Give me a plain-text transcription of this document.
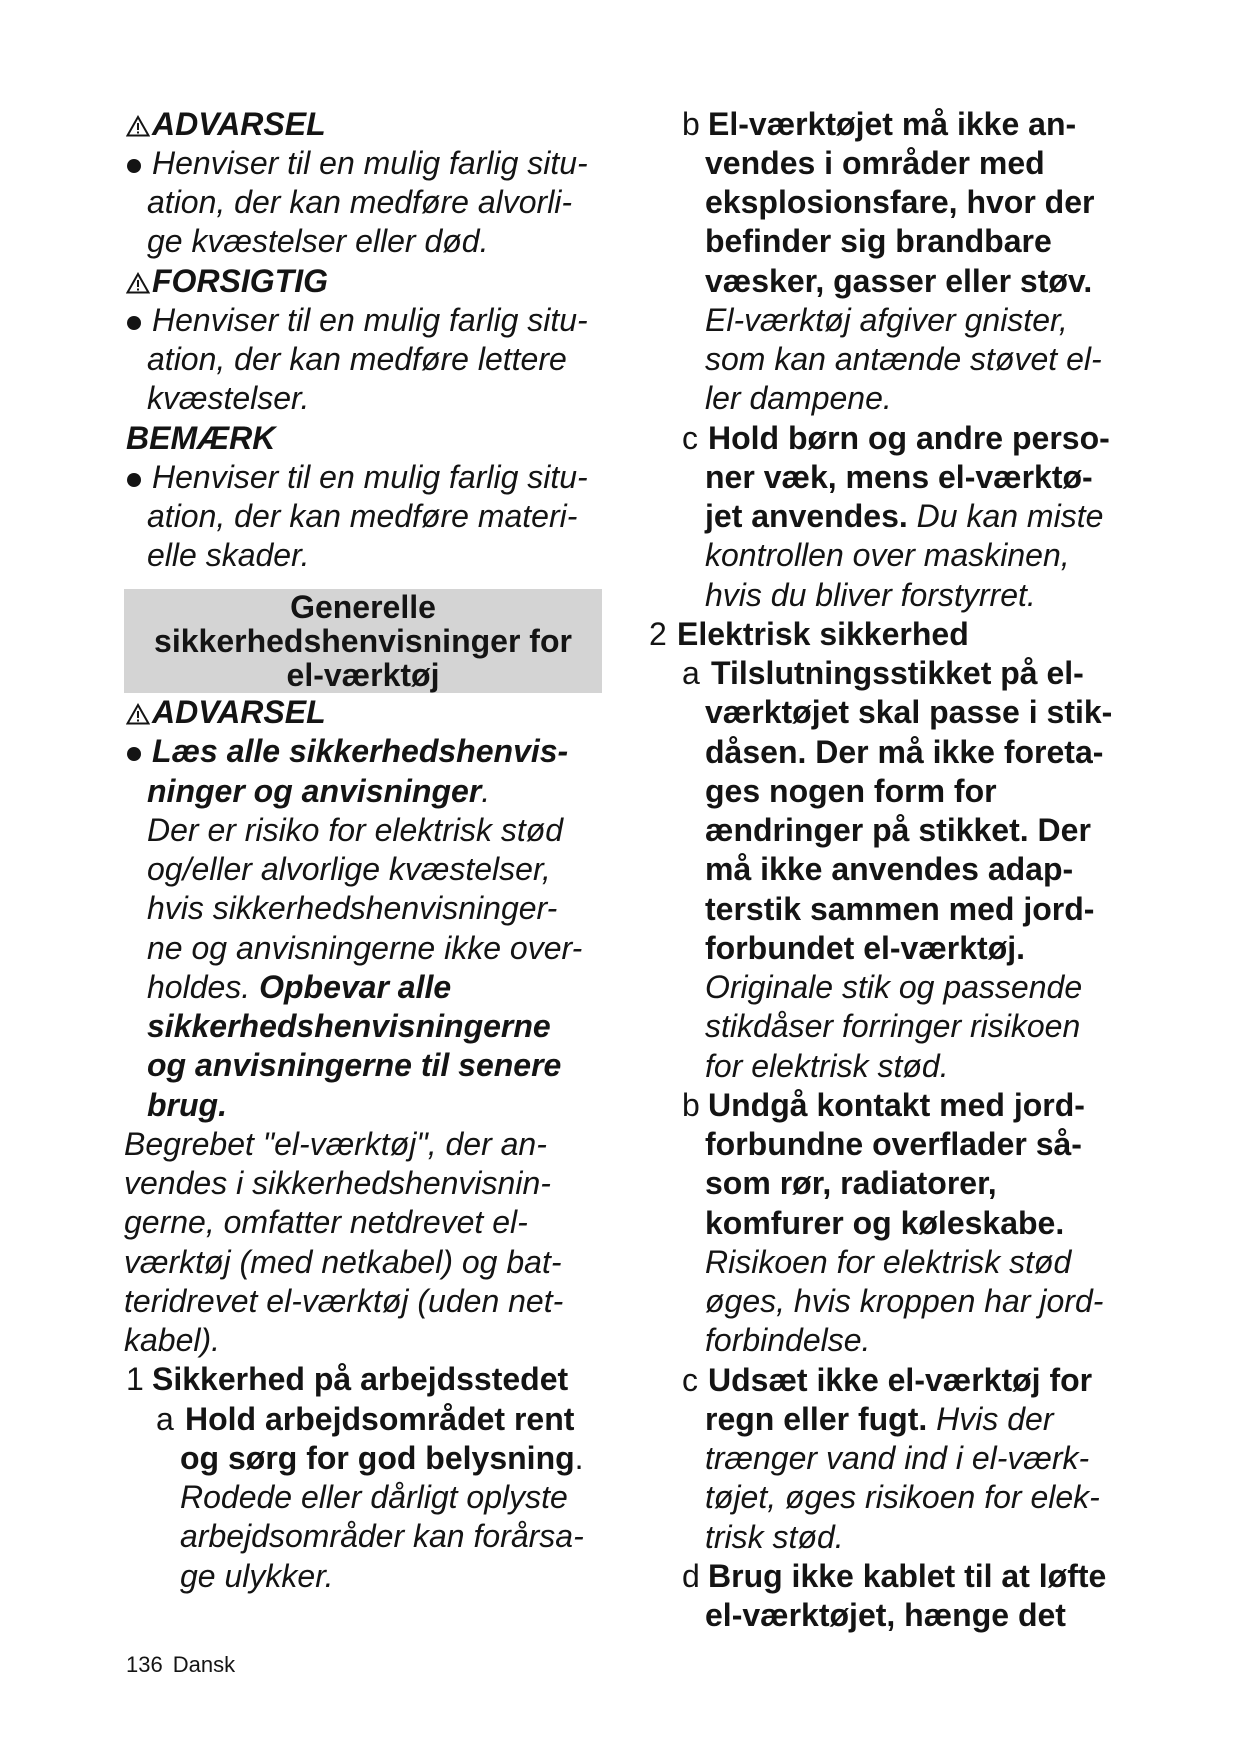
ADVARSEL
Henviser til en mulig farlig situ-
ation, der kan medføre alvorli-
ge kvæstelser eller død.
FORSIGTIG
Henviser til en mulig farlig situ-
ation, der kan medføre lettere
kvæstelser.
BEMÆRK
Henviser til en mulig farlig situ-
ation, der kan medføre materi-
elle skader.
Generelle
sikkerhedshenvisninger for
el-værktøj
ADVARSEL
Læs alle sikkerhedshenvis-
ninger og anvisninger.
Der er risiko for elektrisk stød
og/eller alvorlige kvæstelser,
hvis sikkerhedshenvisninger-
ne og anvisningerne ikke over-
holdes. Opbevar alle
sikkerhedshenvisningerne
og anvisningerne til senere
brug.
Begrebet "el-værktøj", der an-
vendes i sikkerhedshenvisnin-
gerne, omfatter netdrevet el-
værktøj (med netkabel) og bat-
teridrevet el-værktøj (uden net-
kabel).
1 Sikkerhed på arbejdsstedet
a Hold arbejdsområdet rent
og sørg for god belysning.
Rodede eller dårligt oplyste
arbejdsområder kan forårsa-
ge ulykker.
b El-værktøjet må ikke an-
vendes i områder med
eksplosionsfare, hvor der
befinder sig brandbare
væsker, gasser eller støv.
El-værktøj afgiver gnister,
som kan antænde støvet el-
ler dampene.
c Hold børn og andre perso-
ner væk, mens el-værktø-
jet anvendes. Du kan miste
kontrollen over maskinen,
hvis du bliver forstyrret.
2 Elektrisk sikkerhed
a Tilslutningsstikket på el-
værktøjet skal passe i stik-
dåsen. Der må ikke foreta-
ges nogen form for
ændringer på stikket. Der
må ikke anvendes adap-
terstik sammen med jord-
forbundet el-værktøj.
Originale stik og passende
stikdåser forringer risikoen
for elektrisk stød.
b Undgå kontakt med jord-
forbundne overflader så-
som rør, radiatorer,
komfurer og køleskabe.
Risikoen for elektrisk stød
øges, hvis kroppen har jord-
forbindelse.
c Udsæt ikke el-værktøj for
regn eller fugt. Hvis der
trænger vand ind i el-værk-
tøjet, øges risikoen for elek-
trisk stød.
d Brug ikke kablet til at løfte
el-værktøjet, hænge det
136 Dansk
